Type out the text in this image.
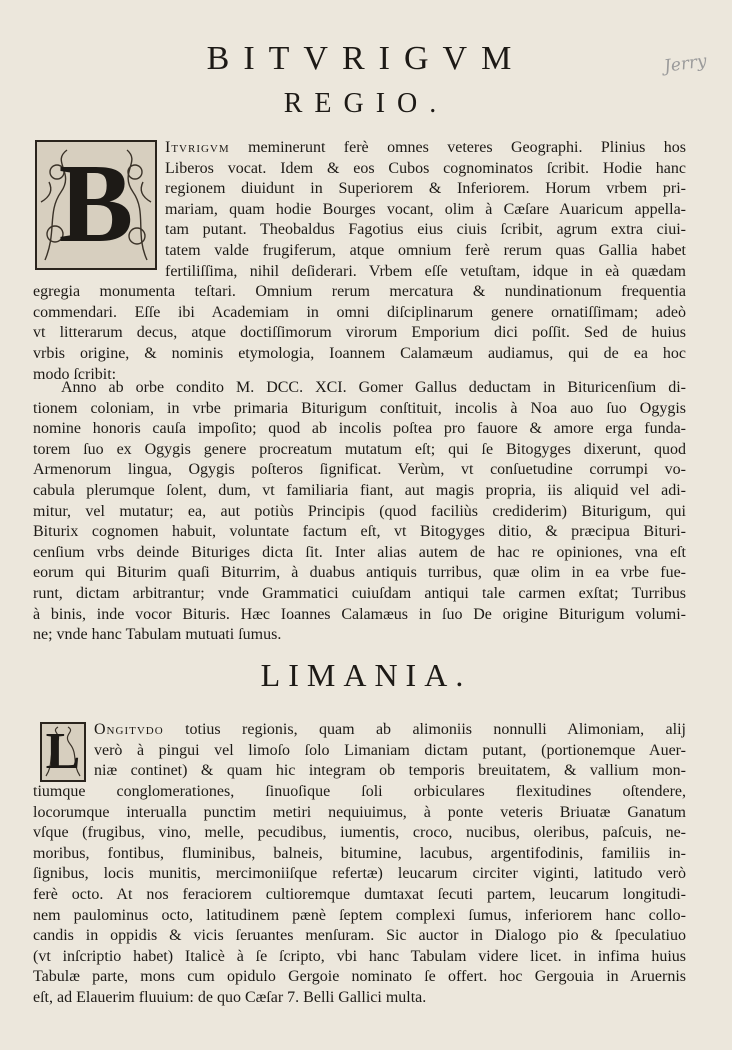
BITVRIGVM
REGIO.
Jerry
B	Itvrigvm meminerunt ferè omnes veteres Geographi. Plinius hos
Liberos vocat. Idem & eos Cubos cognominatos ſcribit. Hodie hanc
regionem diuidunt in Superiorem & Inferiorem. Horum vrbem pri-
mariam, quam hodie Bourges vocant, olim à Cæſare Auaricum appella-
tam putant. Theobaldus Fagotius eius ciuis ſcribit, agrum extra ciui-
tatem valde frugiferum, atque omnium ferè rerum quas Gallia habet
fertiliſſima, nihil deſiderari. Vrbem eſſe vetuſtam, idque in eà quædam
egregia monumenta teſtari. Omnium rerum mercatura & nundinationum frequentia
commendari. Eſſe ibi Academiam in omni diſciplinarum genere ornatiſſimam; adeò
vt litterarum decus, atque doctiſſimorum virorum Emporium dici poſſit. Sed de huius
vrbis origine, & nominis etymologia, Ioannem Calamæum audiamus, qui de ea hoc
modo ſcribit:
Anno ab orbe condito M. DCC. XCI. Gomer Gallus deductam in Bituricenſium di-
tionem coloniam, in vrbe primaria Biturigum conſtituit, incolis à Noa auo ſuo Ogygis
nomine honoris cauſa impoſito; quod ab incolis poſtea pro fauore & amore erga funda-
torem ſuo ex Ogygis genere procreatum mutatum eſt; qui ſe Bitogyges dixerunt, quod
Armenorum lingua, Ogygis poſteros ſignificat. Verùm, vt conſuetudine corrumpi vo-
cabula plerumque ſolent, dum, vt familiaria fiant, aut magis propria, iis aliquid vel adi-
mitur, vel mutatur; ea, aut potiùs Principis (quod faciliùs crediderim) Biturigum, qui
Biturix cognomen habuit, voluntate factum eſt, vt Bitogyges ditio, & præcipua Bituri-
cenſium vrbs deinde Bituriges dicta ſit. Inter alias autem de hac re opiniones, vna eſt
eorum qui Biturim quaſi Biturrim, à duabus antiquis turribus, quæ olim in ea vrbe fue-
runt, dictam arbitrantur; vnde Grammatici cuiuſdam antiqui tale carmen exſtat; Turribus
à binis, inde vocor Bituris. Hæc Ioannes Calamæus in ſuo De origine Biturigum volumi-
ne; vnde hanc Tabulam mutuati ſumus.
LIMANIA.
L Ongitvdo totius regionis, quam ab alimoniis nonnulli Alimoniam, alij
verò à pingui vel limoſo ſolo Limaniam dictam putant, (portionemque Auer-
niæ continet) & quam hic integram ob temporis breuitatem, & vallium mon-
tiumque conglomerationes, ſinuoſique ſoli orbiculares flexitudines oſtendere,
locorumque interualla punctim metiri nequiuimus, à ponte veteris Briuatæ Ganatum
vſque (frugibus, vino, melle, pecudibus, iumentis, croco, nucibus, oleribus, paſcuis, ne-
moribus, fontibus, fluminibus, balneis, bitumine, lacubus, argentifodinis, familiis in-
ſignibus, locis munitis, mercimoniiſque refertæ) leucarum circiter viginti, latitudo verò
ferè octo. At nos feraciorem cultioremque dumtaxat ſecuti partem, leucarum longitudi-
nem paulominus octo, latitudinem pænè ſeptem complexi ſumus, inferiorem hanc collo-
candis in oppidis & vicis ſeruantes menſuram. Sic auctor in Dialogo pio & ſpeculatiuo
(vt inſcriptio habet) Italicè à ſe ſcripto, vbi hanc Tabulam videre licet. in infima huius
Tabulæ parte, mons cum opidulo Gergoie nominato ſe offert. hoc Gergouia in Aruernis
eſt, ad Elauerim fluuium: de quo Cæſar 7. Belli Gallici multa.
